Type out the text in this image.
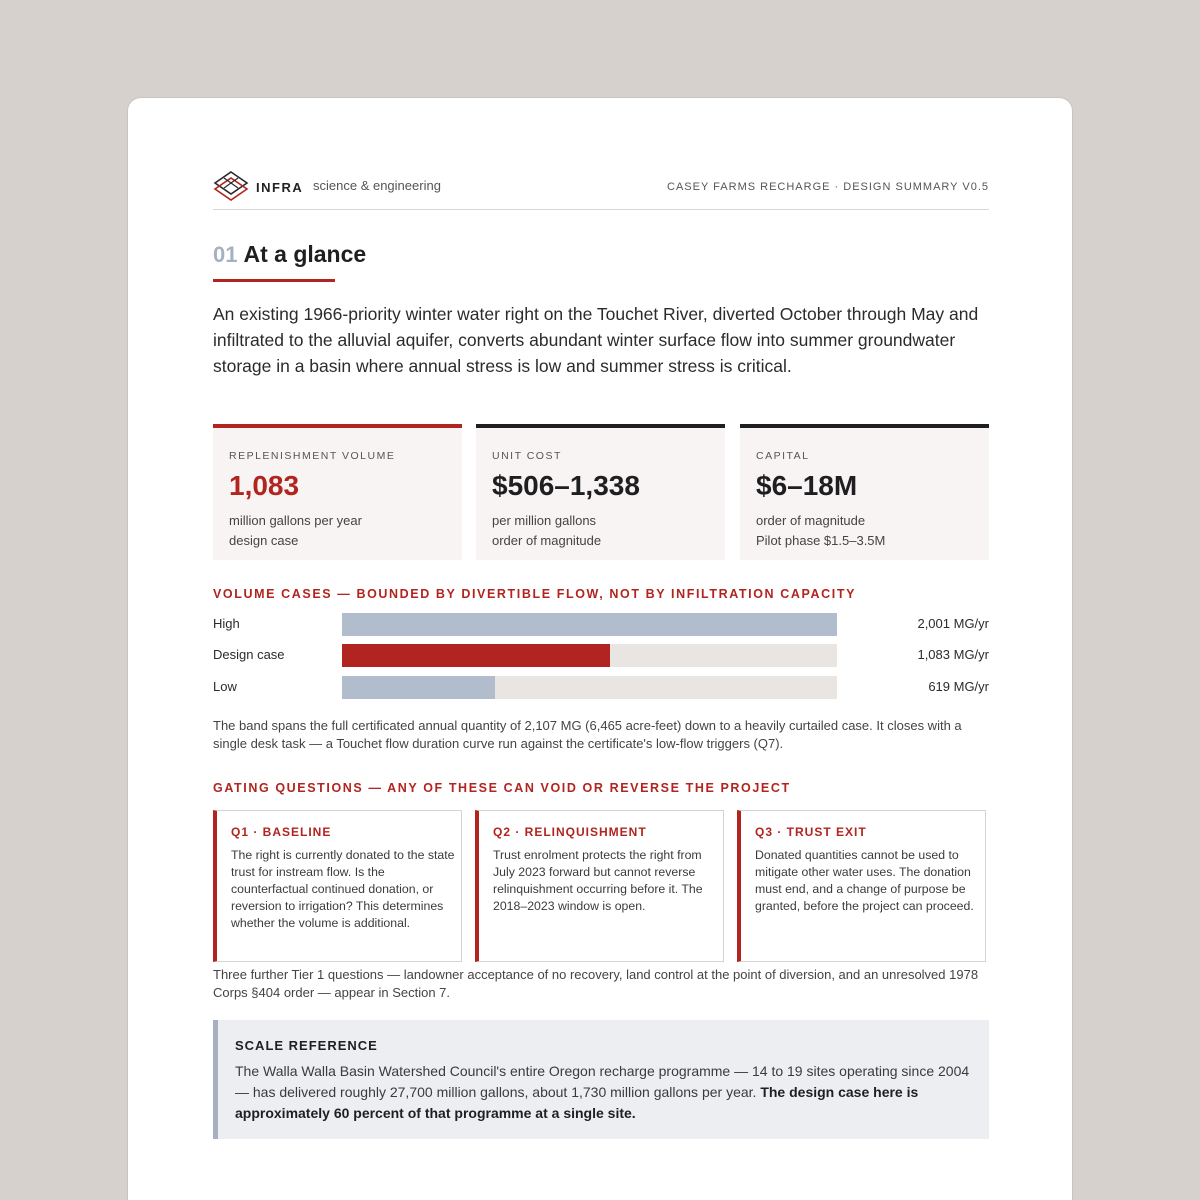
INFRA science & engineering	CASEY FARMS RECHARGE · DESIGN SUMMARY V0.5
01 At a glance

An existing 1966-priority winter water right on the Touchet River, diverted October through May and infiltrated to the alluvial aquifer, converts abundant winter surface flow into summer groundwater storage in a basin where annual stress is low and summer stress is critical.

REPLENISHMENT VOLUME
1,083
million gallons per year
design case
UNIT COST
$506–1,338
per million gallons
order of magnitude
CAPITAL
$6–18M
order of magnitude
Pilot phase $1.5–3.5M
VOLUME CASES — BOUNDED BY DIVERTIBLE FLOW, NOT BY INFILTRATION CAPACITY
High	2,001 MG/yr
Design case	1,083 MG/yr
Low	619 MG/yr

The band spans the full certificated annual quantity of 2,107 MG (6,465 acre-feet) down to a heavily curtailed case. It closes with a single desk task — a Touchet flow duration curve run against the certificate's low-flow triggers (Q7).

GATING QUESTIONS — ANY OF THESE CAN VOID OR REVERSE THE PROJECT
Q1 · BASELINE
The right is currently donated to the state trust for instream flow. Is the counterfactual continued donation, or reversion to irrigation? This determines whether the volume is additional.
Q2 · RELINQUISHMENT
Trust enrolment protects the right from July 2023 forward but cannot reverse relinquishment occurring before it. The 2018–2023 window is open.
Q3 · TRUST EXIT
Donated quantities cannot be used to mitigate other water uses. The donation must end, and a change of purpose be granted, before the project can proceed.

Three further Tier 1 questions — landowner acceptance of no recovery, land control at the point of diversion, and an unresolved 1978 Corps §404 order — appear in Section 7.

SCALE REFERENCE

The Walla Walla Basin Watershed Council's entire Oregon recharge programme — 14 to 19 sites operating since 2004 — has delivered roughly 27,700 million gallons, about 1,730 million gallons per year. The design case here is approximately 60 percent of that programme at a single site.
